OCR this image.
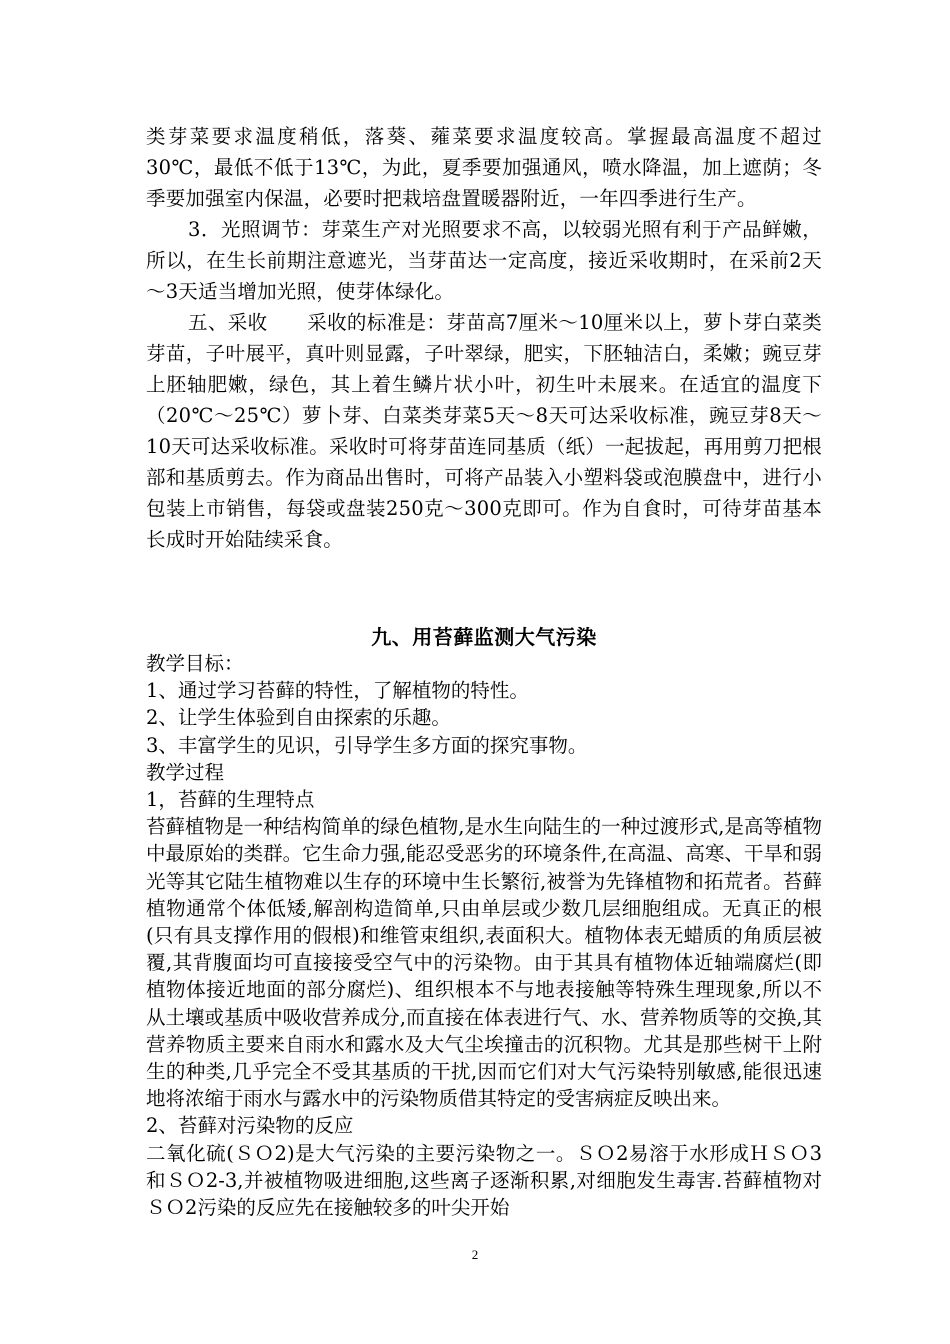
类芽菜要求温度稍低，落葵、蕹菜要求温度较高。掌握最高温度不超过30℃，最低不低于13℃，为此，夏季要加强通风，喷水降温，加上遮荫；冬季要加强室内保温，必要时把栽培盘置暖器附近，一年四季进行生产。

3．光照调节：芽菜生产对光照要求不高，以较弱光照有利于产品鲜嫩，所以，在生长前期注意遮光，当芽苗达一定高度，接近采收期时，在采前2天～3天适当增加光照，使芽体绿化。

五、采收　　采收的标准是：芽苗高7厘米～10厘米以上，萝卜芽白菜类芽苗，子叶展平，真叶则显露，子叶翠绿，肥实，下胚轴洁白，柔嫩；豌豆芽上胚轴肥嫩，绿色，其上着生鳞片状小叶，初生叶未展来。在适宜的温度下（20℃～25℃）萝卜芽、白菜类芽菜5天～8天可达采收标准，豌豆芽8天～10天可达采收标准。采收时可将芽苗连同基质（纸）一起拔起，再用剪刀把根部和基质剪去。作为商品出售时，可将产品装入小塑料袋或泡膜盘中，进行小包装上市销售，每袋或盘装250克～300克即可。作为自食时，可待芽苗基本长成时开始陆续采食。

九、用苔藓监测大气污染

教学目标：

1、通过学习苔藓的特性，了解植物的特性。

2、让学生体验到自由探索的乐趣。

3、丰富学生的见识，引导学生多方面的探究事物。

教学过程

1，苔藓的生理特点

苔藓植物是一种结构简单的绿色植物,是水生向陆生的一种过渡形式,是高等植物中最原始的类群。它生命力强,能忍受恶劣的环境条件,在高温、高寒、干旱和弱光等其它陆生植物难以生存的环境中生长繁衍,被誉为先锋植物和拓荒者。苔藓植物通常个体低矮,解剖构造简单,只由单层或少数几层细胞组成。无真正的根(只有具支撑作用的假根)和维管束组织,表面积大。植物体表无蜡质的角质层被覆,其背腹面均可直接接受空气中的污染物。由于其具有植物体近轴端腐烂(即植物体接近地面的部分腐烂)、组织根本不与地表接触等特殊生理现象,所以不从土壤或基质中吸收营养成分,而直接在体表进行气、水、营养物质等的交换,其营养物质主要来自雨水和露水及大气尘埃撞击的沉积物。尤其是那些树干上附生的种类,几乎完全不受其基质的干扰,因而它们对大气污染特别敏感,能很迅速地将浓缩于雨水与露水中的污染物质借其特定的受害病症反映出来。

2、苔藓对污染物的反应

二氧化硫(ＳＯ2)是大气污染的主要污染物之一。ＳＯ2易溶于水形成ＨＳＯ3和ＳＯ2-3,并被植物吸进细胞,这些离子逐渐积累,对细胞发生毒害.苔藓植物对ＳＯ2污染的反应先在接触较多的叶尖开始

2
